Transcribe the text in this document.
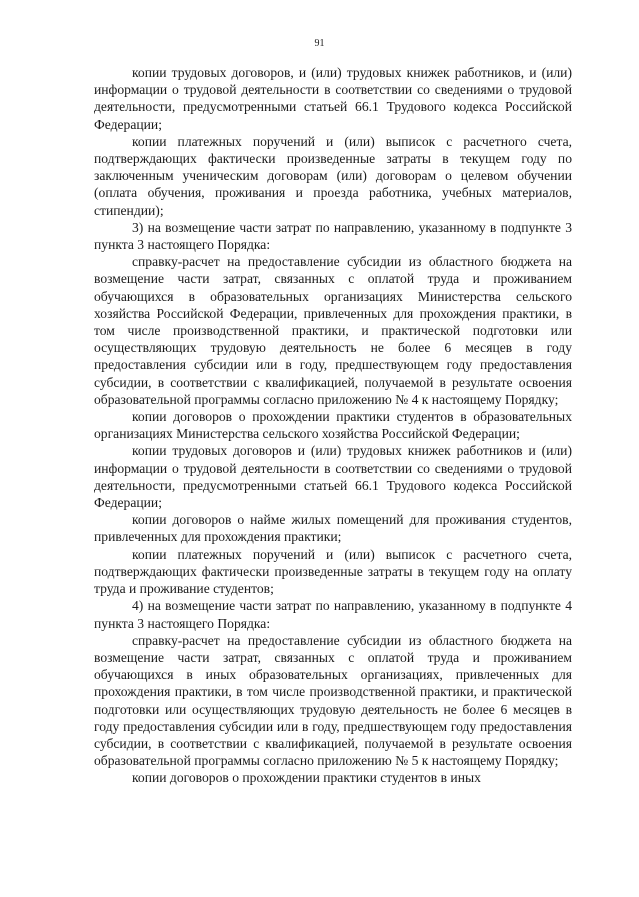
91

копии трудовых договоров, и (или) трудовых книжек работников, и (или) информации о трудовой деятельности в соответствии со сведениями о трудовой деятельности, предусмотренными статьей 66.1 Трудового кодекса Российской Федерации;

копии платежных поручений и (или) выписок с расчетного счета, подтверждающих фактически произведенные затраты в текущем году по заключенным ученическим договорам (или) договорам о целевом обучении (оплата обучения, проживания и проезда работника, учебных материалов, стипендии);

3) на возмещение части затрат по направлению, указанному в подпункте 3 пункта 3 настоящего Порядка:

справку-расчет на предоставление субсидии из областного бюджета на возмещение части затрат, связанных с оплатой труда и проживанием обучающихся в образовательных организациях Министерства сельского хозяйства Российской Федерации, привлеченных для прохождения практики, в том числе производственной практики, и практической подготовки или осуществляющих трудовую деятельность не более 6 месяцев в году предоставления субсидии или в году, предшествующем году предоставления субсидии, в соответствии с квалификацией, получаемой в результате освоения образовательной программы согласно приложению № 4 к настоящему Порядку;

копии договоров о прохождении практики студентов в образовательных организациях Министерства сельского хозяйства Российской Федерации;

копии трудовых договоров и (или) трудовых книжек работников и (или) информации о трудовой деятельности в соответствии со сведениями о трудовой деятельности, предусмотренными статьей 66.1 Трудового кодекса Российской Федерации;

копии договоров о найме жилых помещений для проживания студентов, привлеченных для прохождения практики;

копии платежных поручений и (или) выписок с расчетного счета, подтверждающих фактически произведенные затраты в текущем году на оплату труда и проживание студентов;

4) на возмещение части затрат по направлению, указанному в подпункте 4 пункта 3 настоящего Порядка:

справку-расчет на предоставление субсидии из областного бюджета на возмещение части затрат, связанных с оплатой труда и проживанием обучающихся в иных образовательных организациях, привлеченных для прохождения практики, в том числе производственной практики, и практической подготовки или осуществляющих трудовую деятельность не более 6 месяцев в году предоставления субсидии или в году, предшествующем году предоставления субсидии, в соответствии с квалификацией, получаемой в результате освоения образовательной программы согласно приложению № 5 к настоящему Порядку;

копии договоров о прохождении практики студентов в иных
